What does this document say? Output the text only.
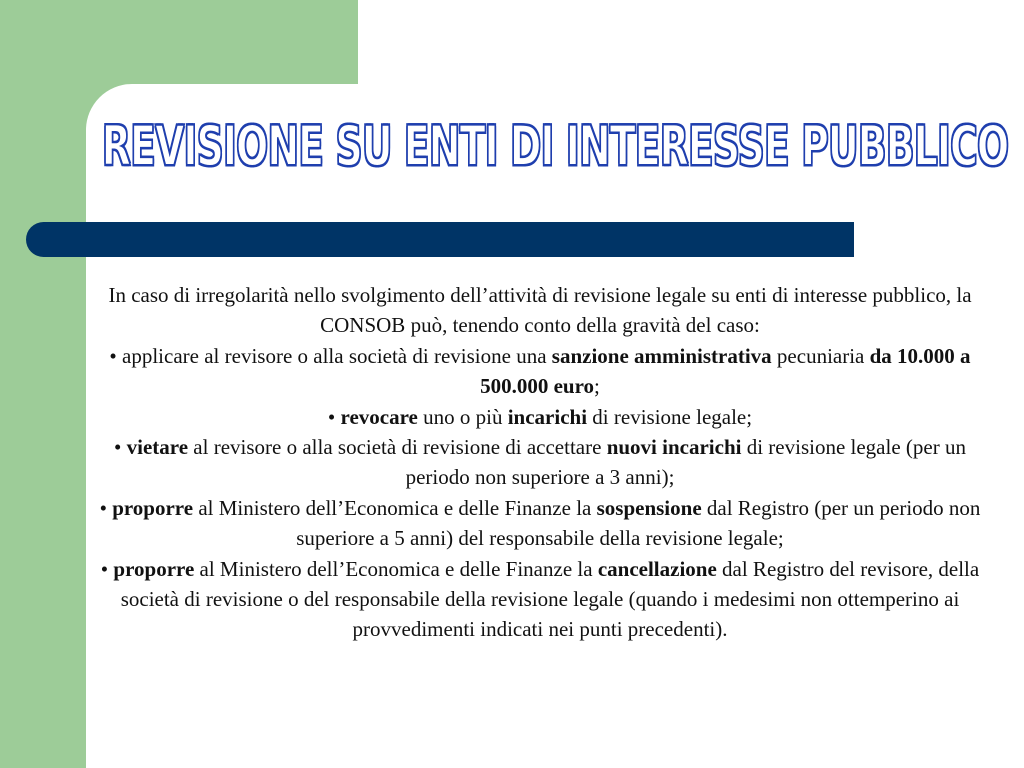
REVISIONE SU ENTI DI INTERESSE PUBBLICO

In caso di irregolarità nello svolgimento dell’attività di revisione legale su enti di interesse pubblico, la CONSOB può, tenendo conto della gravità del caso:

• applicare al revisore o alla società di revisione una sanzione amministrativa pecuniaria da 10.000 a 500.000 euro;

• revocare uno o più incarichi di revisione legale;

• vietare al revisore o alla società di revisione di accettare nuovi incarichi di revisione legale (per un periodo non superiore a 3 anni);

• proporre al Ministero dell’Economica e delle Finanze la sospensione dal Registro (per un periodo non superiore a 5 anni) del responsabile della revisione legale;

• proporre al Ministero dell’Economica e delle Finanze la cancellazione dal Registro del revisore, della società di revisione o del responsabile della revisione legale (quando i medesimi non ottemperino ai provvedimenti indicati nei punti precedenti).
